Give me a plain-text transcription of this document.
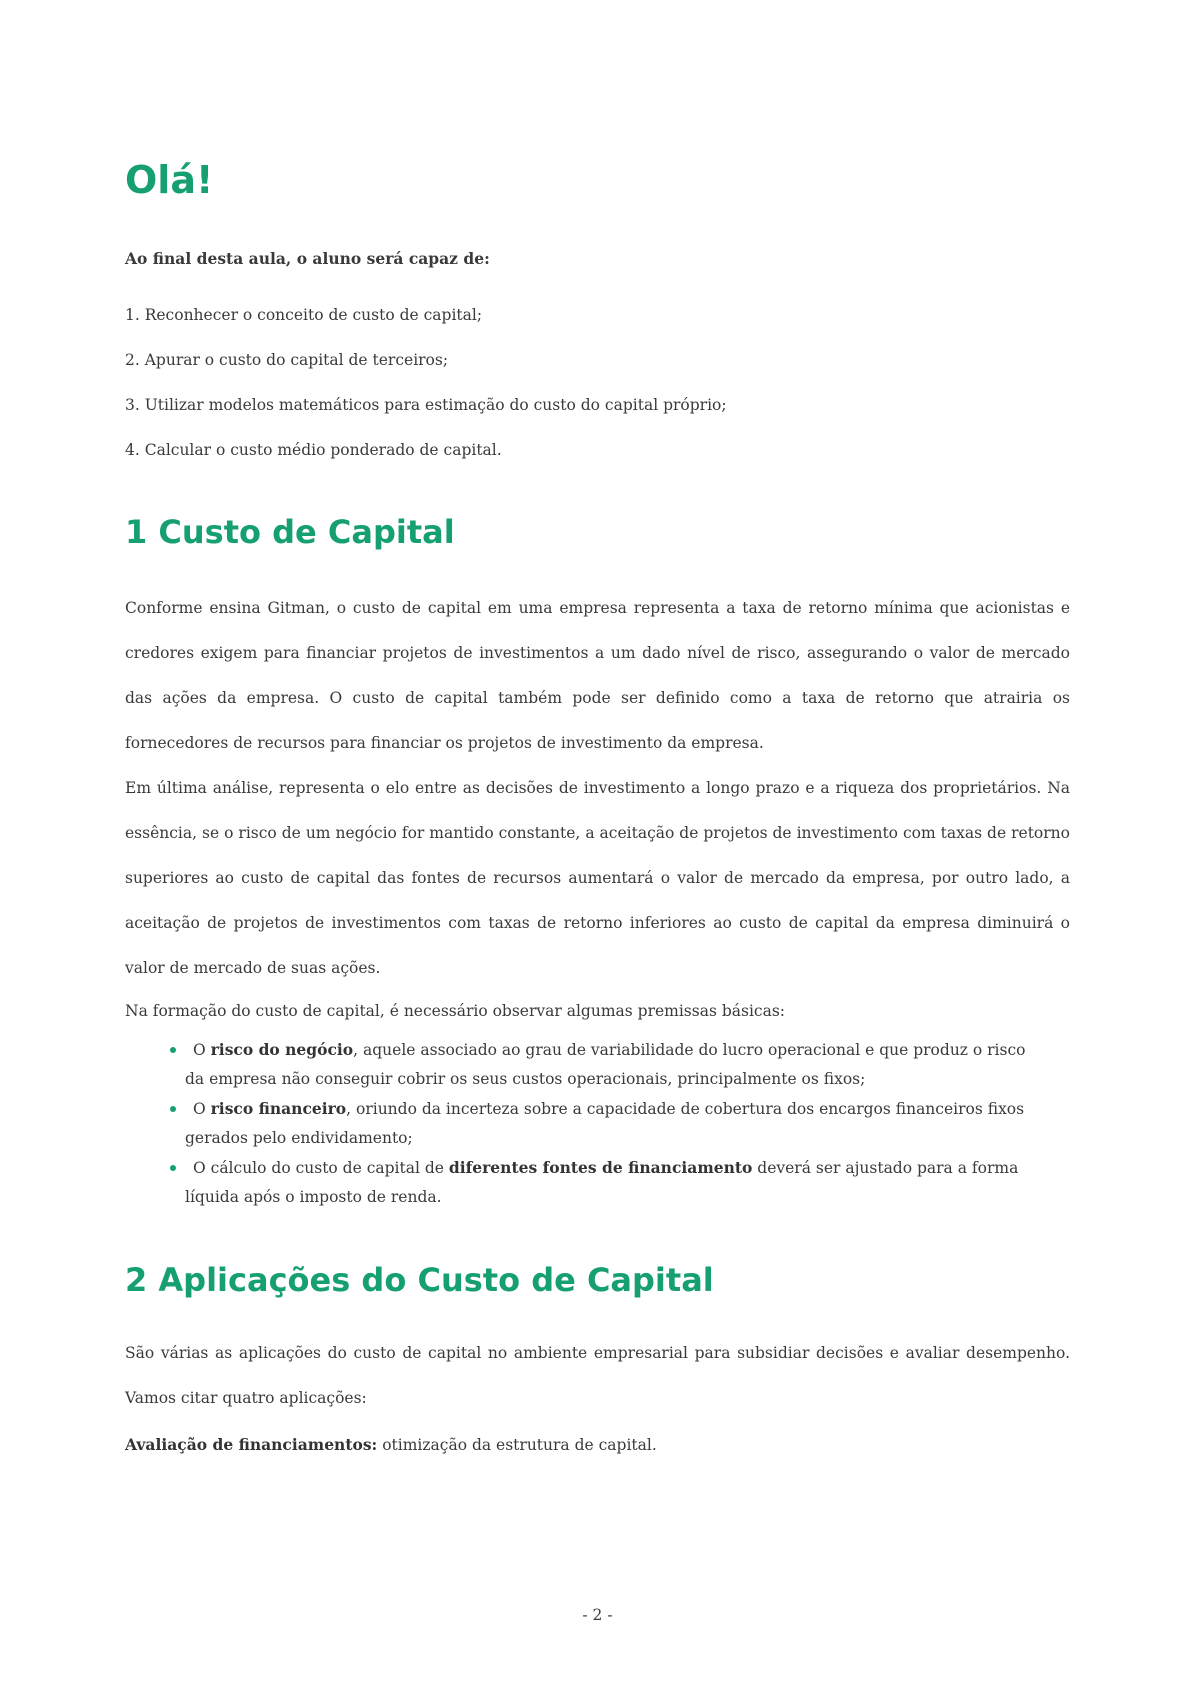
Olá!
Ao final desta aula, o aluno será capaz de:
1. Reconhecer o conceito de custo de capital;
2. Apurar o custo do capital de terceiros;
3. Utilizar modelos matemáticos para estimação do custo do capital próprio;
4. Calcular o custo médio ponderado de capital.
1 Custo de Capital

Conforme ensina Gitman, o custo de capital em uma empresa representa a taxa de retorno mínima que acionistas e credores exigem para financiar projetos de investimentos a um dado nível de risco, assegurando o valor de mercado das ações da empresa. O custo de capital também pode ser definido como a taxa de retorno que atrairia os fornecedores de recursos para financiar os projetos de investimento da empresa.

Em última análise, representa o elo entre as decisões de investimento a longo prazo e a riqueza dos proprietários. Na essência, se o risco de um negócio for mantido constante, a aceitação de projetos de investimento com taxas de retorno superiores ao custo de capital das fontes de recursos aumentará o valor de mercado da empresa, por outro lado, a aceitação de projetos de investimentos com taxas de retorno inferiores ao custo de capital da empresa diminuirá o valor de mercado de suas ações.

Na formação do custo de capital, é necessário observar algumas premissas básicas:
O risco do negócio, aquele associado ao grau de variabilidade do lucro operacional e que produz o risco
da empresa não conseguir cobrir os seus custos operacionais, principalmente os fixos;
O risco financeiro, oriundo da incerteza sobre a capacidade de cobertura dos encargos financeiros fixos
gerados pelo endividamento;
O cálculo do custo de capital de diferentes fontes de financiamento deverá ser ajustado para a forma
líquida após o imposto de renda.
2 Aplicações do Custo de Capital

São várias as aplicações do custo de capital no ambiente empresarial para subsidiar decisões e avaliar desempenho. Vamos citar quatro aplicações:

Avaliação de financiamentos: otimização da estrutura de capital.
- 2 -
